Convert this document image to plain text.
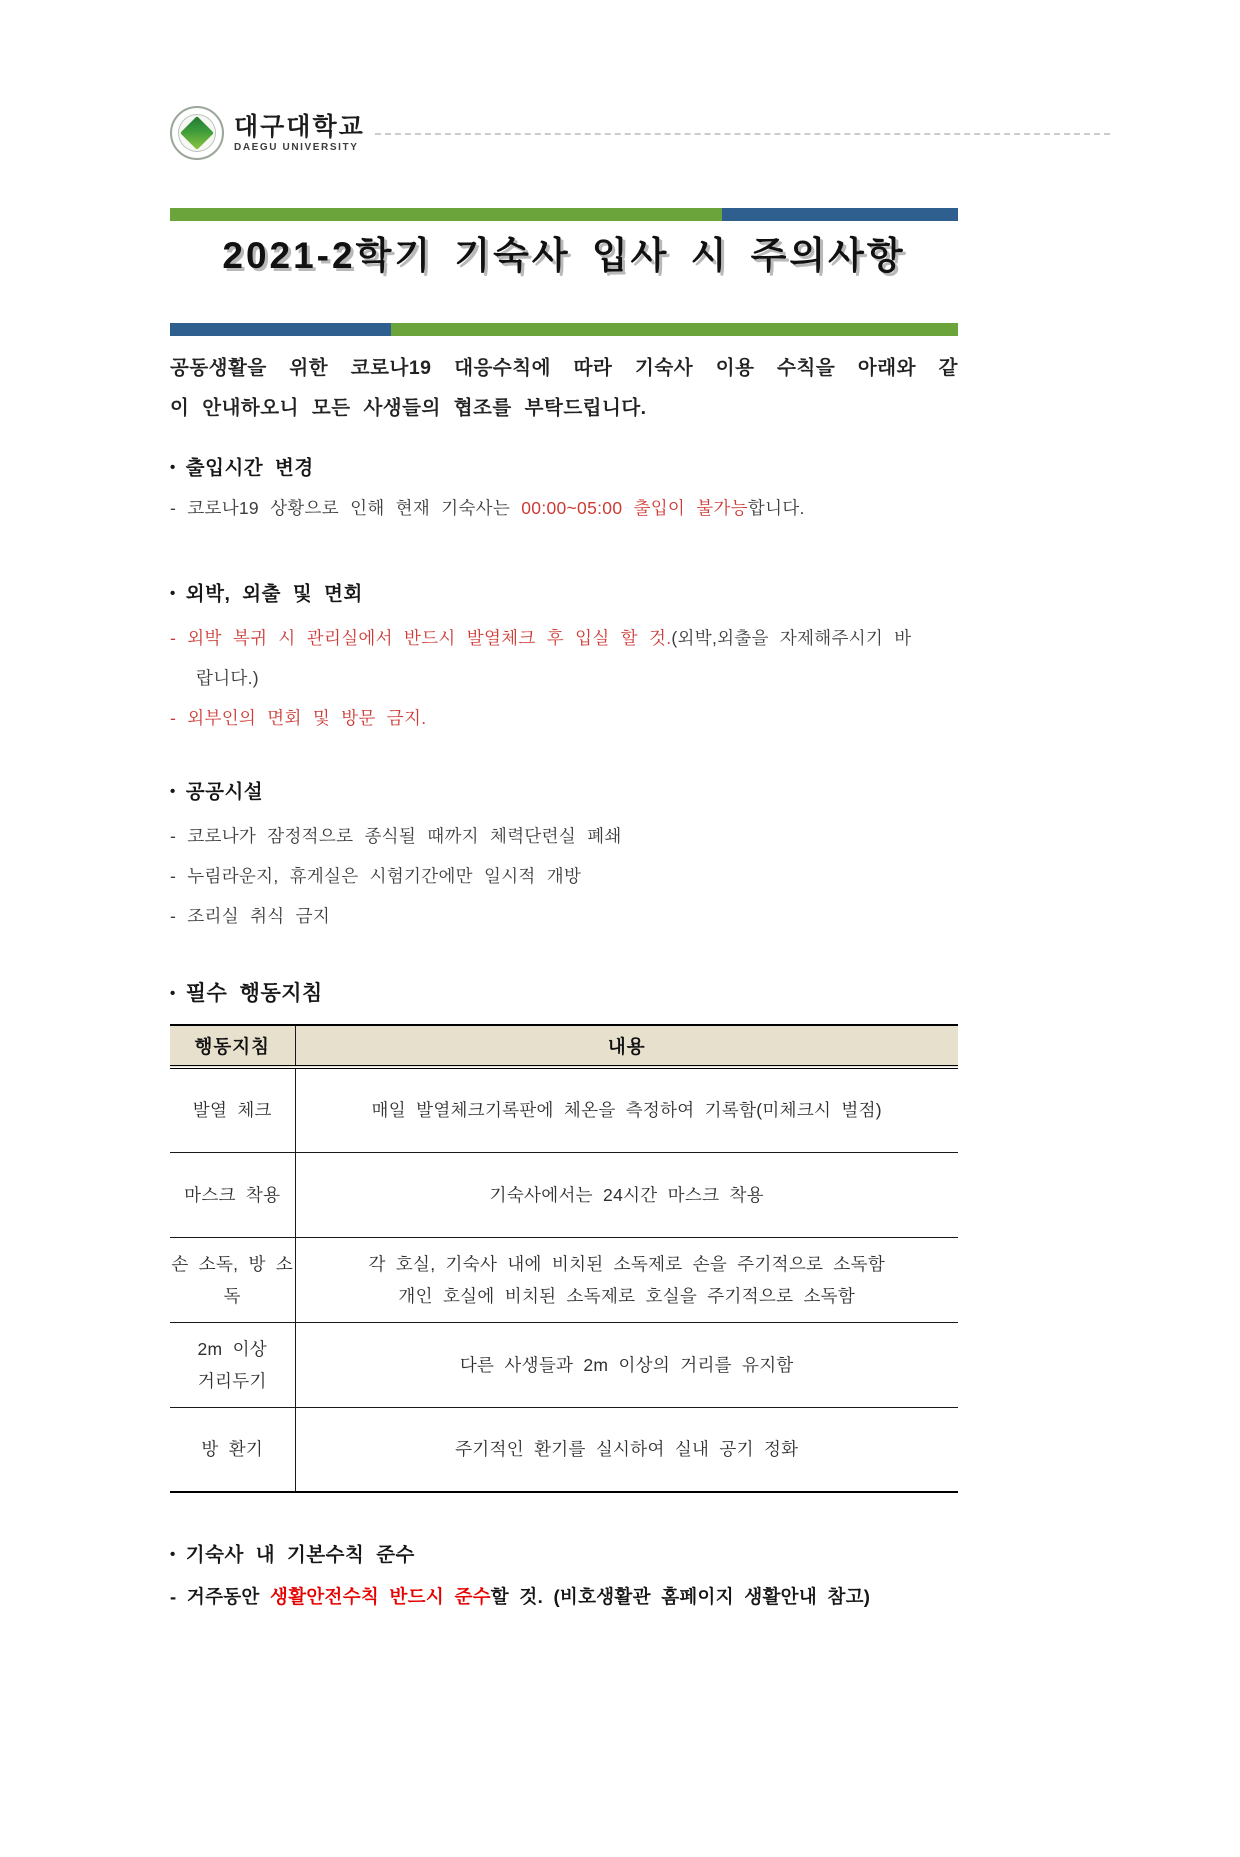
대구대학교
DAEGU UNIVERSITY
2021-2학기 기숙사 입사 시 주의사항

공동생활을 위한 코로나19 대응수칙에 따라 기숙사 이용 수칙을 아래와 같

이 안내하오니 모든 사생들의 협조를 부탁드립니다.

• 출입시간 변경

- 코로나19 상황으로 인해 현재 기숙사는 00:00~05:00 출입이 불가능합니다.

• 외박, 외출 및 면회

- 외박 복귀 시 관리실에서 반드시 발열체크 후 입실 할 것.(외박,외출을 자제해주시기 바

랍니다.)

- 외부인의 면회 및 방문 금지.

• 공공시설

- 코로나가 잠정적으로 종식될 때까지 체력단련실 폐쇄

- 누림라운지, 휴게실은 시험기간에만 일시적 개방

- 조리실 취식 금지

• 필수 행동지침
행동지침	내용
발열 체크	매일 발열체크기록판에 체온을 측정하여 기록함(미체크시 벌점)
마스크 착용	기숙사에서는 24시간 마스크 착용
손 소독, 방 소독	각 호실, 기숙사 내에 비치된 소독제로 손을 주기적으로 소독함
개인 호실에 비치된 소독제로 호실을 주기적으로 소독함

2m 이상
거리두기	다른 사생들과 2m 이상의 거리를 유지함
방 환기	주기적인 환기를 실시하여 실내 공기 정화
• 기숙사 내 기본수칙 준수

- 거주동안 생활안전수칙 반드시 준수할 것. (비호생활관 홈페이지 생활안내 참고)
